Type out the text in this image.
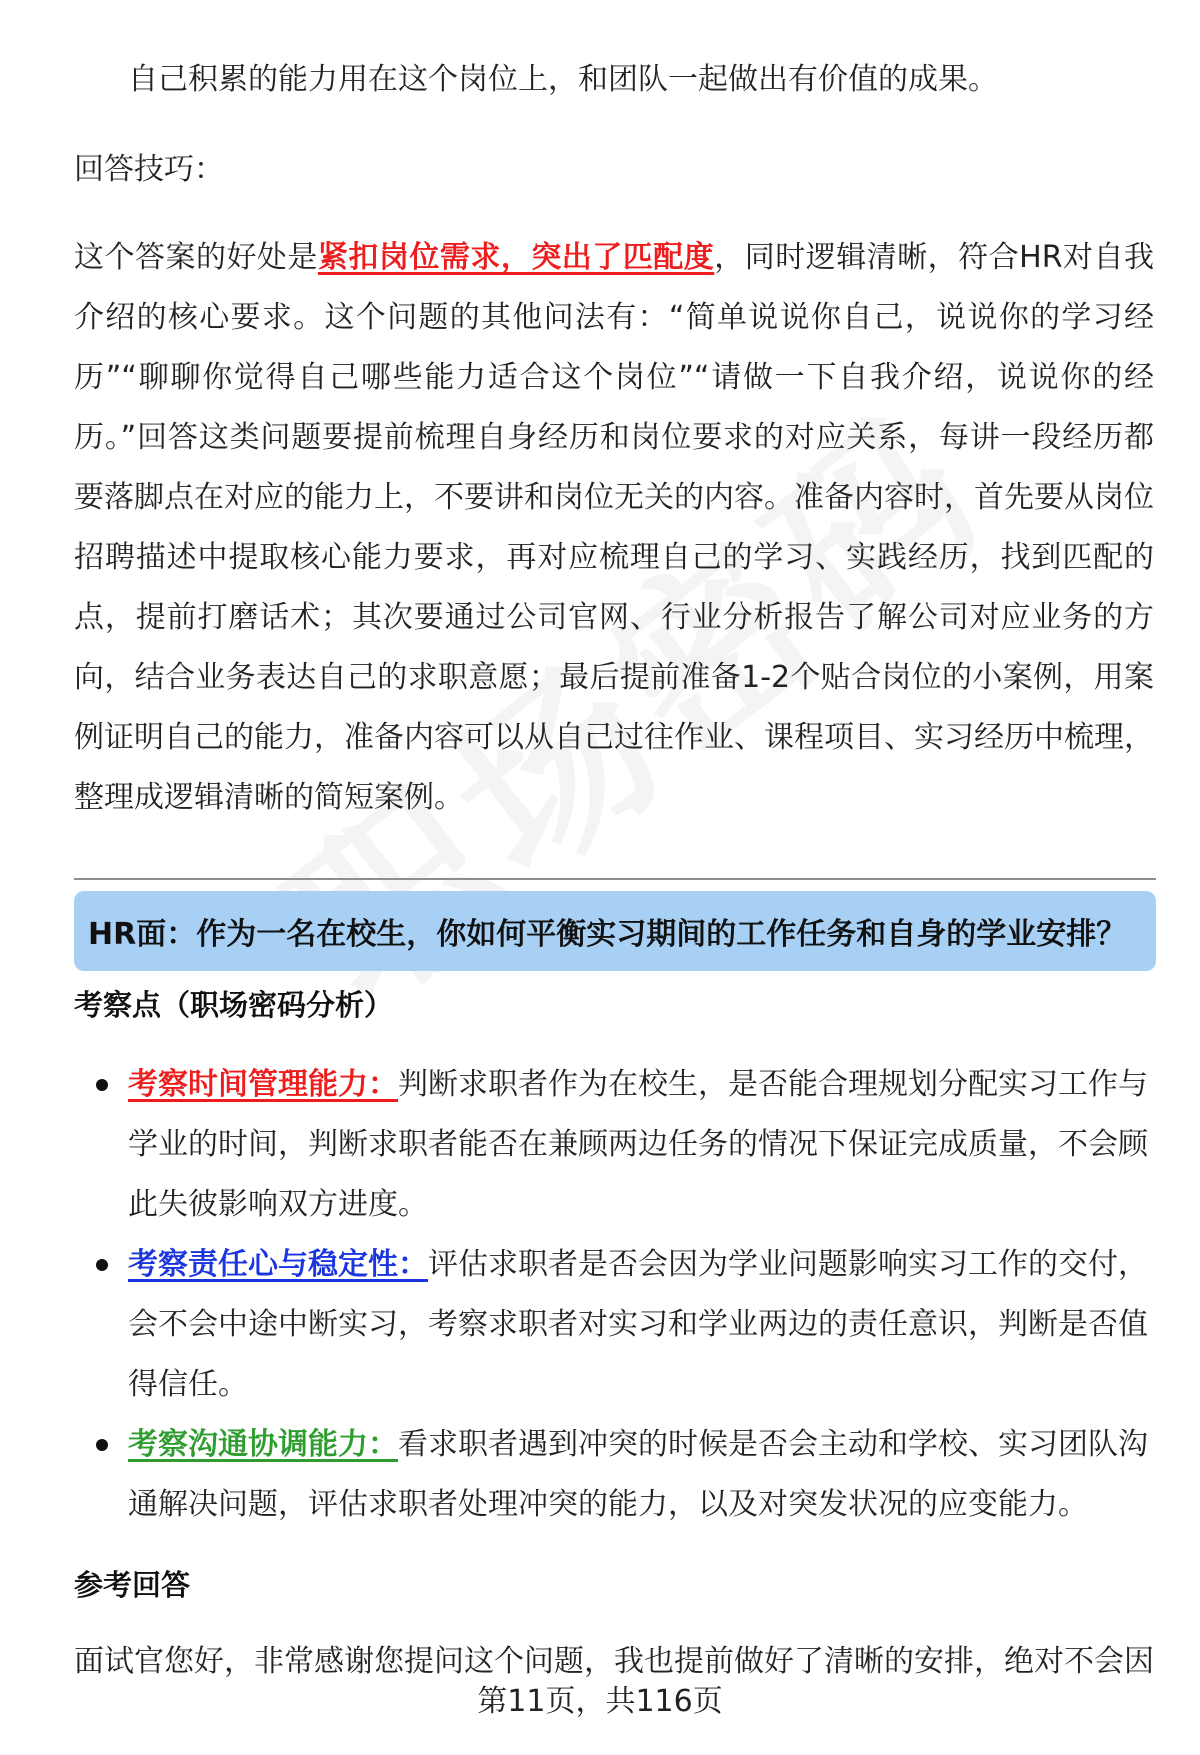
自己积累的能力用在这个岗位上，和团队一起做出有价值的成果。
回答技巧：
这个答案的好处是紧扣岗位需求，突出了匹配度，同时逻辑清晰，符合HR对自我介绍的核心要求。这个问题的其他问法有：“简单说说你自己，说说你的学习经历”“聊聊你觉得自己哪些能力适合这个岗位”“请做一下自我介绍，说说你的经历。”回答这类问题要提前梳理自身经历和岗位要求的对应关系，每讲一段经历都要落脚点在对应的能力上，不要讲和岗位无关的内容。准备内容时，首先要从岗位招聘描述中提取核心能力要求，再对应梳理自己的学习、实践经历，找到匹配的点，提前打磨话术；其次要通过公司官网、行业分析报告了解公司对应业务的方向，结合业务表达自己的求职意愿；最后提前准备1-2个贴合岗位的小案例，用案例证明自己的能力，准备内容可以从自己过往作业、课程项目、实习经历中梳理，整理成逻辑清晰的简短案例。
HR面：作为一名在校生，你如何平衡实习期间的工作任务和自身的学业安排？
考察点（职场密码分析）
考察时间管理能力：判断求职者作为在校生，是否能合理规划分配实习工作与学业的时间，判断求职者能否在兼顾两边任务的情况下保证完成质量，不会顾此失彼影响双方进度。
考察责任心与稳定性：评估求职者是否会因为学业问题影响实习工作的交付，会不会中途中断实习，考察求职者对实习和学业两边的责任意识，判断是否值得信任。
考察沟通协调能力：看求职者遇到冲突的时候是否会主动和学校、实习团队沟通解决问题，评估求职者处理冲突的能力，以及对突发状况的应变能力。
参考回答
面试官您好，非常感谢您提问这个问题，我也提前做好了清晰的安排，绝对不会因
第11页，共116页
